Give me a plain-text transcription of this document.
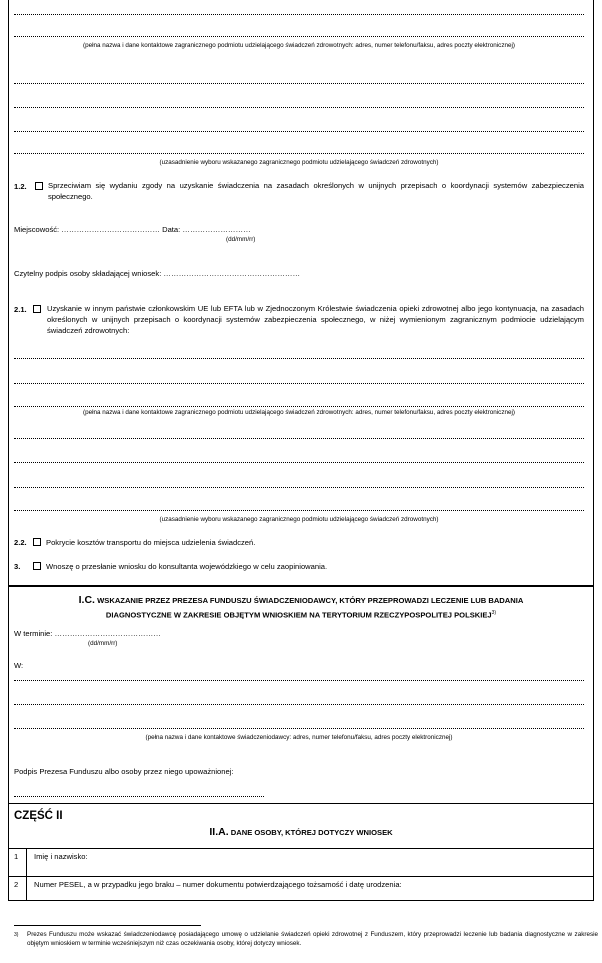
(pełna nazwa i dane kontaktowe zagranicznego podmiotu udzielającego świadczeń zdrowotnych: adres, numer telefonu/faksu, adres poczty elektronicznej)
(uzasadnienie wyboru wskazanego zagranicznego podmiotu udzielającego świadczeń zdrowotnych)
1.2.	Sprzeciwiam się wydaniu zgody na uzyskanie świadczenia na zasadach określonych w unijnych przepisach o koordynacji systemów zabezpieczenia społecznego.
Miejscowość: ………………………………… Data: ………………………
(dd/mm/rr)
Czytelny podpis osoby składającej wniosek: ………………………………………………
2.1.	Uzyskanie w innym państwie członkowskim UE lub EFTA lub w Zjednoczonym Królestwie świadczenia opieki zdrowotnej albo jego kontynuacja, na zasadach określonych w unijnych przepisach o koordynacji systemów zabezpieczenia społecznego, w niżej wymienionym zagranicznym podmiocie udzielającym świadczeń zdrowotnych:
(pełna nazwa i dane kontaktowe zagranicznego podmiotu udzielającego świadczeń zdrowotnych: adres, numer telefonu/faksu, adres poczty elektronicznej)
(uzasadnienie wyboru wskazanego zagranicznego podmiotu udzielającego świadczeń zdrowotnych)
2.2.	Pokrycie kosztów transportu do miejsca udzielenia świadczeń.
3.	Wnoszę o przesłanie wniosku do konsultanta wojewódzkiego w celu zaopiniowania.
I.C. WSKAZANIE PRZEZ PREZESA FUNDUSZU ŚWIADCZENIODAWCY, KTÓRY PRZEPROWADZI LECZENIE LUB BADANIA
DIAGNOSTYCZNE W ZAKRESIE OBJĘTYM WNIOSKIEM NA TERYTORIUM RZECZYPOSPOLITEJ POLSKIEJ$^{3)}$
W terminie: ……………………………………
(dd/mm/rr)
W:
(pełna nazwa i dane kontaktowe świadczeniodawcy: adres, numer telefonu/faksu, adres poczty elektronicznej)
Podpis Prezesa Funduszu albo osoby przez niego upoważnionej:
CZĘŚĆ II
II.A. DANE OSOBY, KTÓREJ DOTYCZY WNIOSEK
1 Imię i nazwisko:
2 Numer PESEL, a w przypadku jego braku – numer dokumentu potwierdzającego tożsamość i datę urodzenia:
3) Prezes Funduszu może wskazać świadczeniodawcę posiadającego umowę o udzielanie świadczeń opieki zdrowotnej z Funduszem, który przeprowadzi leczenie lub badania diagnostyczne w zakresie objętym wnioskiem w terminie wcześniejszym niż czas oczekiwania osoby, której dotyczy wniosek.
